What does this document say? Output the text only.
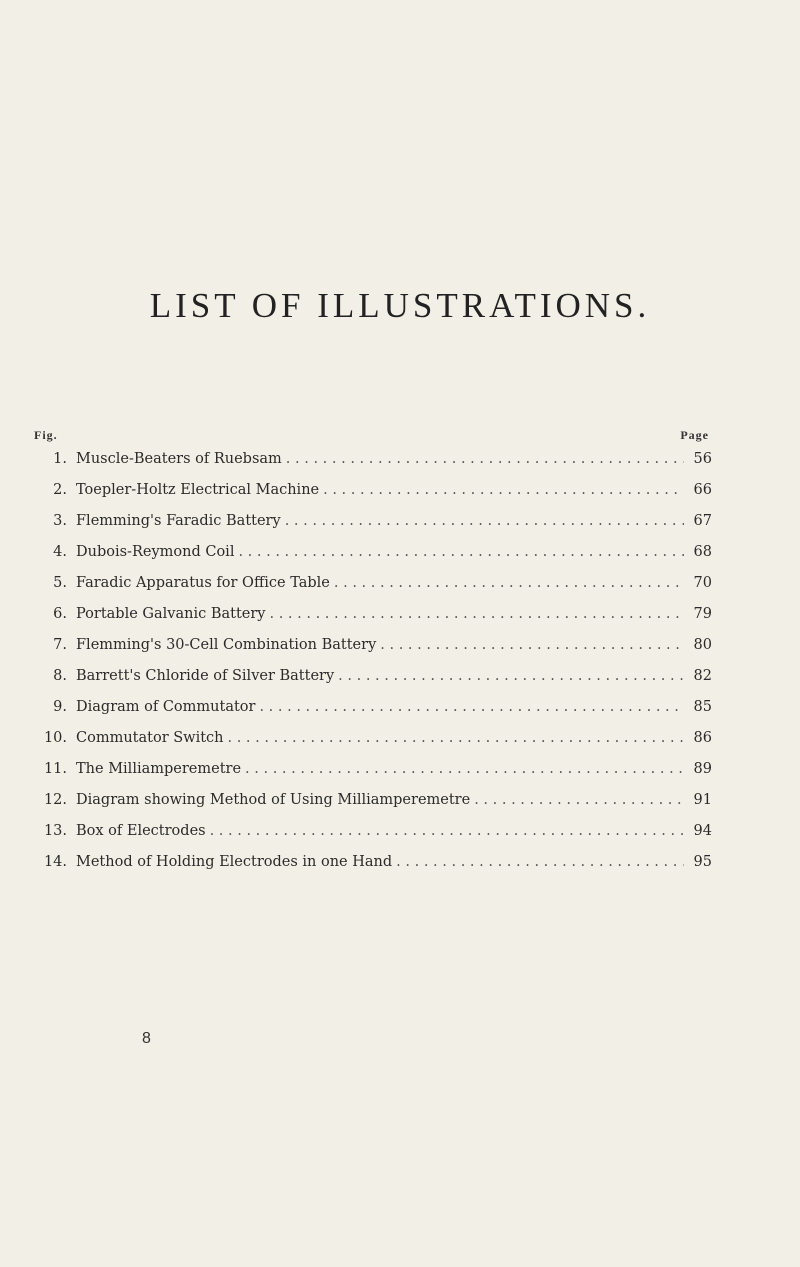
LIST OF ILLUSTRATIONS.
Fig.	Page
1. Muscle-Beaters of Ruebsam . . .	56
2. Toepler-Holtz Electrical Machine . . .	66
3. Flemming's Faradic Battery . . .	67
4. Dubois-Reymond Coil . . .	68
5. Faradic Apparatus for Office Table . . .	70
6. Portable Galvanic Battery . . .	79
7. Flemming's 30-Cell Combination Battery . . .	80
8. Barrett's Chloride of Silver Battery . . .	82
9. Diagram of Commutator . . .	85
10. Commutator Switch . . .	86
11. The Milliamperemetre . . .	89
12. Diagram showing Method of Using Milliamperemetre . . .	91
13. Box of Electrodes . . .	94
14. Method of Holding Electrodes in one Hand . . .	95
8
